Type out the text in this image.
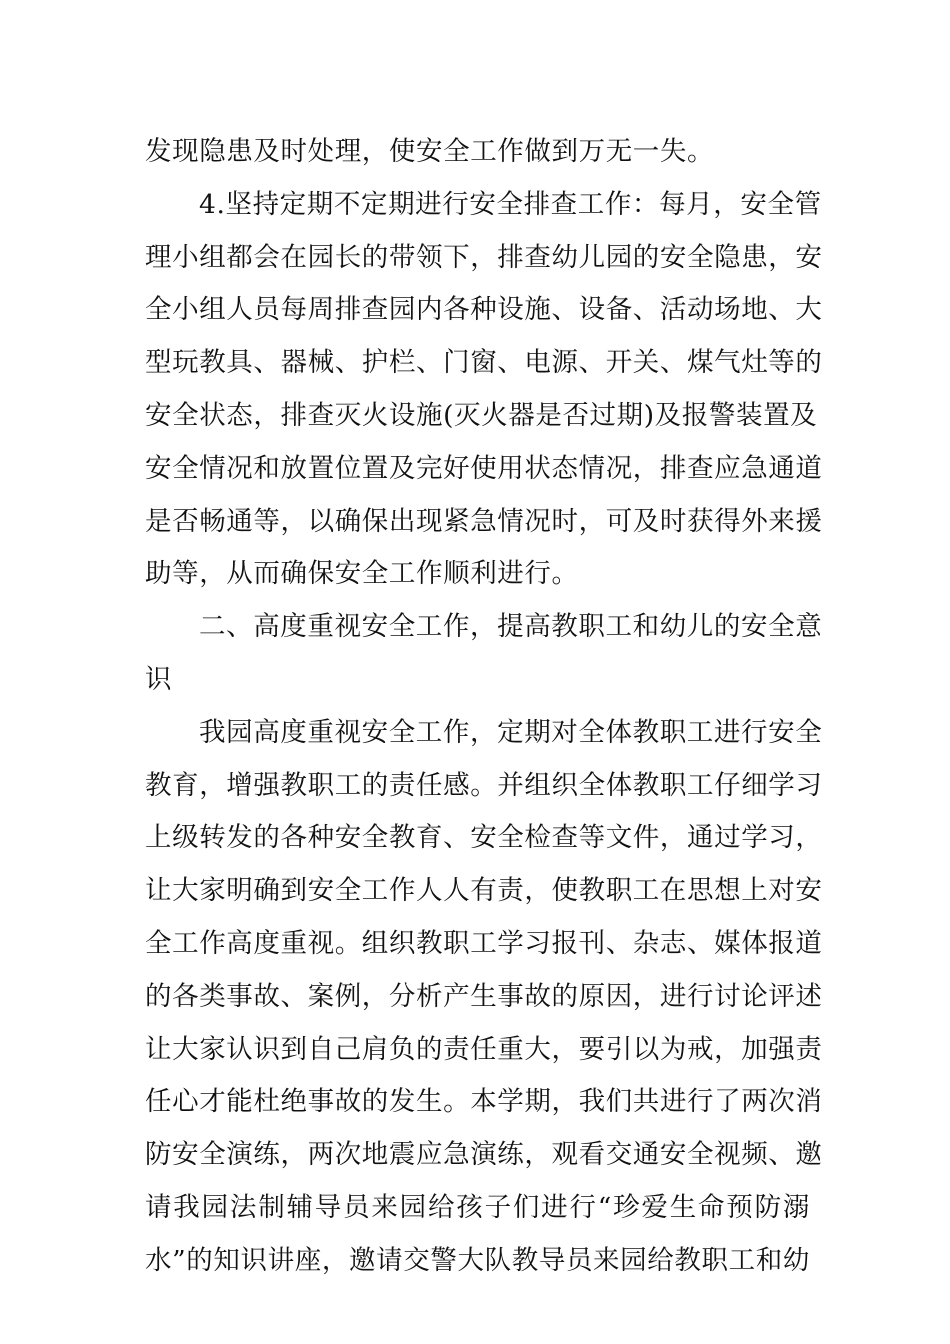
发现隐患及时处理，使安全工作做到万无一失。
4.坚持定期不定期进行安全排查工作：每月，安全管
理小组都会在园长的带领下，排查幼儿园的安全隐患，安
全小组人员每周排查园内各种设施、设备、活动场地、大
型玩教具、器械、护栏、门窗、电源、开关、煤气灶等的
安全状态，排查灭火设施(灭火器是否过期)及报警装置及
安全情况和放置位置及完好使用状态情况，排查应急通道
是否畅通等，以确保出现紧急情况时，可及时获得外来援
助等，从而确保安全工作顺利进行。
二、高度重视安全工作，提高教职工和幼儿的安全意
识
我园高度重视安全工作，定期对全体教职工进行安全
教育，增强教职工的责任感。并组织全体教职工仔细学习
上级转发的各种安全教育、安全检查等文件，通过学习，
让大家明确到安全工作人人有责，使教职工在思想上对安
全工作高度重视。组织教职工学习报刊、杂志、媒体报道
的各类事故、案例，分析产生事故的原因，进行讨论评述
让大家认识到自己肩负的责任重大，要引以为戒，加强责
任心才能杜绝事故的发生。本学期，我们共进行了两次消
防安全演练，两次地震应急演练，观看交通安全视频、邀
请我园法制辅导员来园给孩子们进行“珍爱生命预防溺
水”的知识讲座，邀请交警大队教导员来园给教职工和幼
